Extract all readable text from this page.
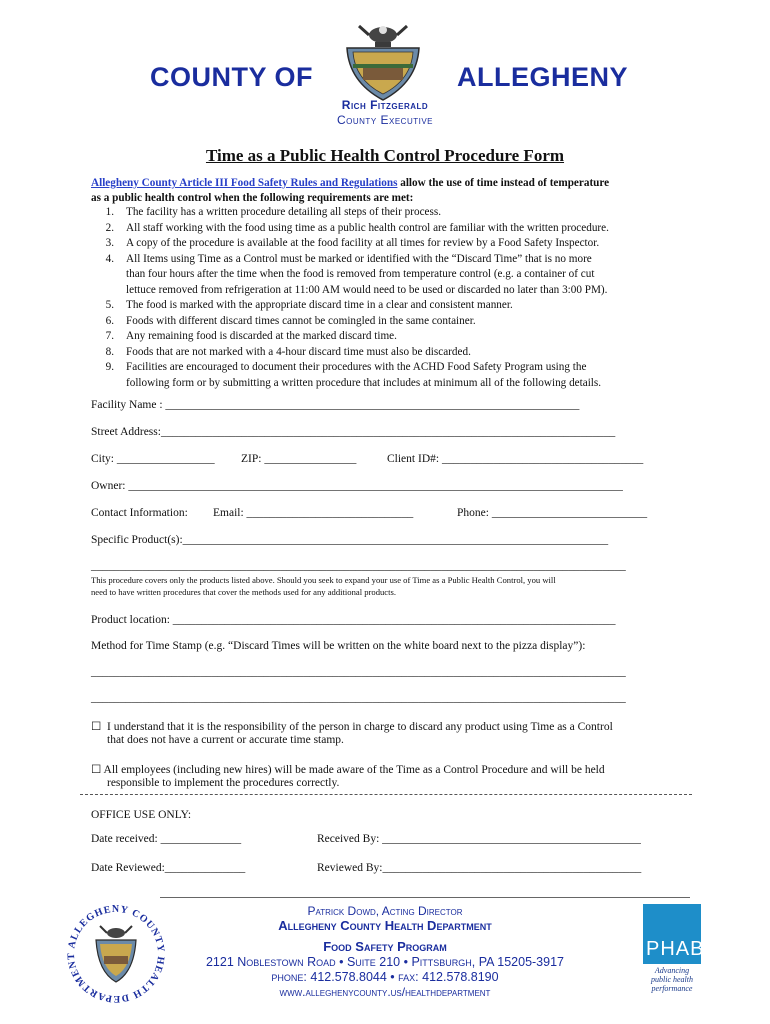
COUNTY OF	ALLEGHENY
Rich Fitzgerald
County Executive
Time as a Public Health Control Procedure Form
Allegheny County Article III Food Safety Rules and Regulations allow the use of time instead of temperature
as a public health control when the following requirements are met:
1.	The facility has a written procedure detailing all steps of their process.
2.	All staff working with the food using time as a public health control are familiar with the written procedure.
3.	A copy of the procedure is available at the food facility at all times for review by a Food Safety Inspector.
4.	All Items using Time as a Control must be marked or identified with the “Discard Time” that is no more
than four hours after the time when the food is removed from temperature control (e.g. a container of cut
lettuce removed from refrigeration at 11:00 AM would need to be used or discarded no later than 3:00 PM).
5.	The food is marked with the appropriate discard time in a clear and consistent manner.
6.	Foods with different discard times cannot be comingled in the same container.
7.	Any remaining food is discarded at the marked discard time.
8.	Foods that are not marked with a 4-hour discard time must also be discarded.
9.	Facilities are encouraged to document their procedures with the ACHD Food Safety Program using the
following form or by submitting a written procedure that includes at minimum all of the following details.
Facility Name : ________________________________________________________________________
Street Address:_______________________________________________________________________________
City: _________________ ZIP: ________________	Client ID#: ___________________________________
Owner: ______________________________________________________________________________________
Contact Information: Email: _____________________________	Phone: ___________________________
Specific Product(s):__________________________________________________________________________
_____________________________________________________________________________________________
This procedure covers only the products listed above. Should you seek to expand your use of Time as a Public Health Control, you will
need to have written procedures that cover the methods used for any additional products.
Product location: _____________________________________________________________________________
Method for Time Stamp (e.g. “Discard Times will be written on the white board next to the pizza display”):
_____________________________________________________________________________________________
_____________________________________________________________________________________________
☐  I understand that it is the responsibility of the person in charge to discard any product using Time as a Control
that does not have a current or accurate time stamp.
☐ All employees (including new hires) will be made aware of the Time as a Control Procedure and will be held
responsible to implement the procedures correctly.
OFFICE USE ONLY:
Date received: ______________	Received By: _____________________________________________
Date Reviewed:______________	Reviewed By:_____________________________________________
ALLEGHENY COUNTY HEALTH DEPARTMENT
Patrick Dowd, Acting Director
Allegheny County Health Department
Food Safety Program
2121 Noblestown Road • Suite 210 • Pittsburgh, PA 15205-3917
phone: 412.578.8044 • fax: 412.578.8190
www.alleghenycounty.us/healthdepartment
PHAB
Advancing
public health
performance
